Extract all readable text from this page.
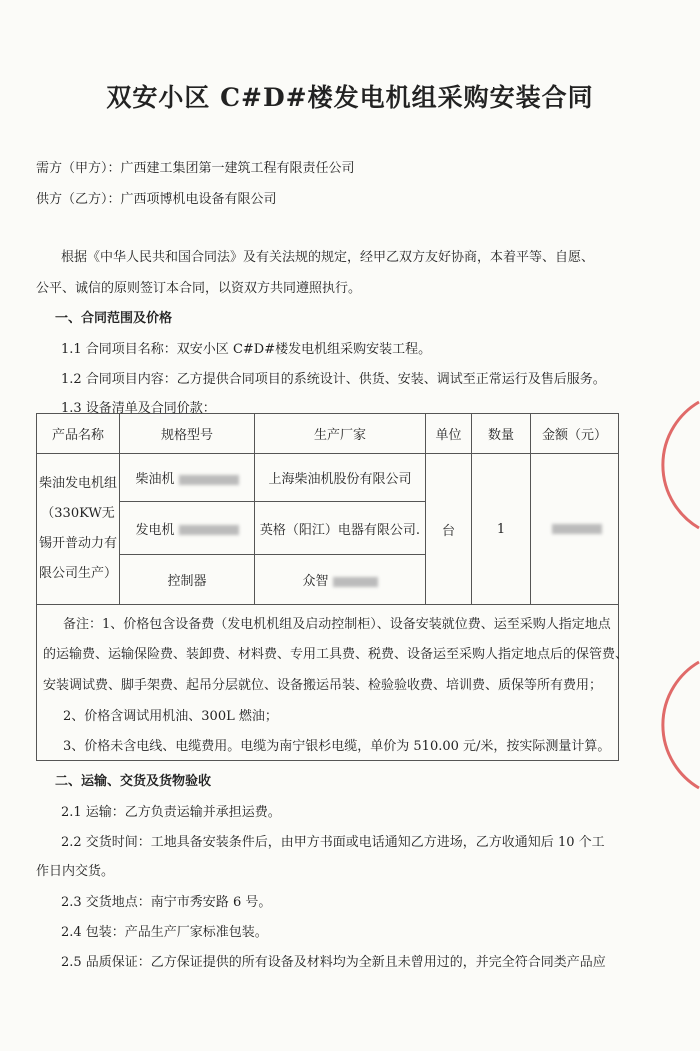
双安小区 C#D#楼发电机组采购安装合同
需方（甲方）：广西建工集团第一建筑工程有限责任公司
供方（乙方）：广西项博机电设备有限公司
根据《中华人民共和国合同法》及有关法规的规定，经甲乙双方友好协商，本着平等、自愿、
公平、诚信的原则签订本合同，以资双方共同遵照执行。
一、合同范围及价格
1.1 合同项目名称：双安小区 C#D#楼发电机组采购安装工程。
1.2 合同项目内容：乙方提供合同项目的系统设计、供货、安装、调试至正常运行及售后服务。
1.3 设备清单及合同价款：
产品名称	规格型号	生产厂家	单位	数量	金额（元）
柴油发电机组（330KW无锡开普动力有限公司生产）	柴油机	上海柴油机股份有限公司	台	1	
	发电机	英格（阳江）电器有限公司.			
	控制器	众智			
备注：1、价格包含设备费（发电机机组及启动控制柜）、设备安装就位费、运至采购人指定地点
的运输费、运输保险费、装卸费、材料费、专用工具费、税费、设备运至采购人指定地点后的保管费、
安装调试费、脚手架费、起吊分层就位、设备搬运吊装、检验验收费、培训费、质保等所有费用；
2、价格含调试用机油、300L 燃油；
3、价格未含电线、电缆费用。电缆为南宁银杉电缆，单价为 510.00 元/米，按实际测量计算。
二、运输、交货及货物验收
2.1 运输：乙方负责运输并承担运费。
2.2 交货时间：工地具备安装条件后，由甲方书面或电话通知乙方进场，乙方收通知后 10 个工
作日内交货。
2.3 交货地点：南宁市秀安路 6 号。
2.4 包装：产品生产厂家标准包装。
2.5 品质保证：乙方保证提供的所有设备及材料均为全新且未曾用过的，并完全符合同类产品应
